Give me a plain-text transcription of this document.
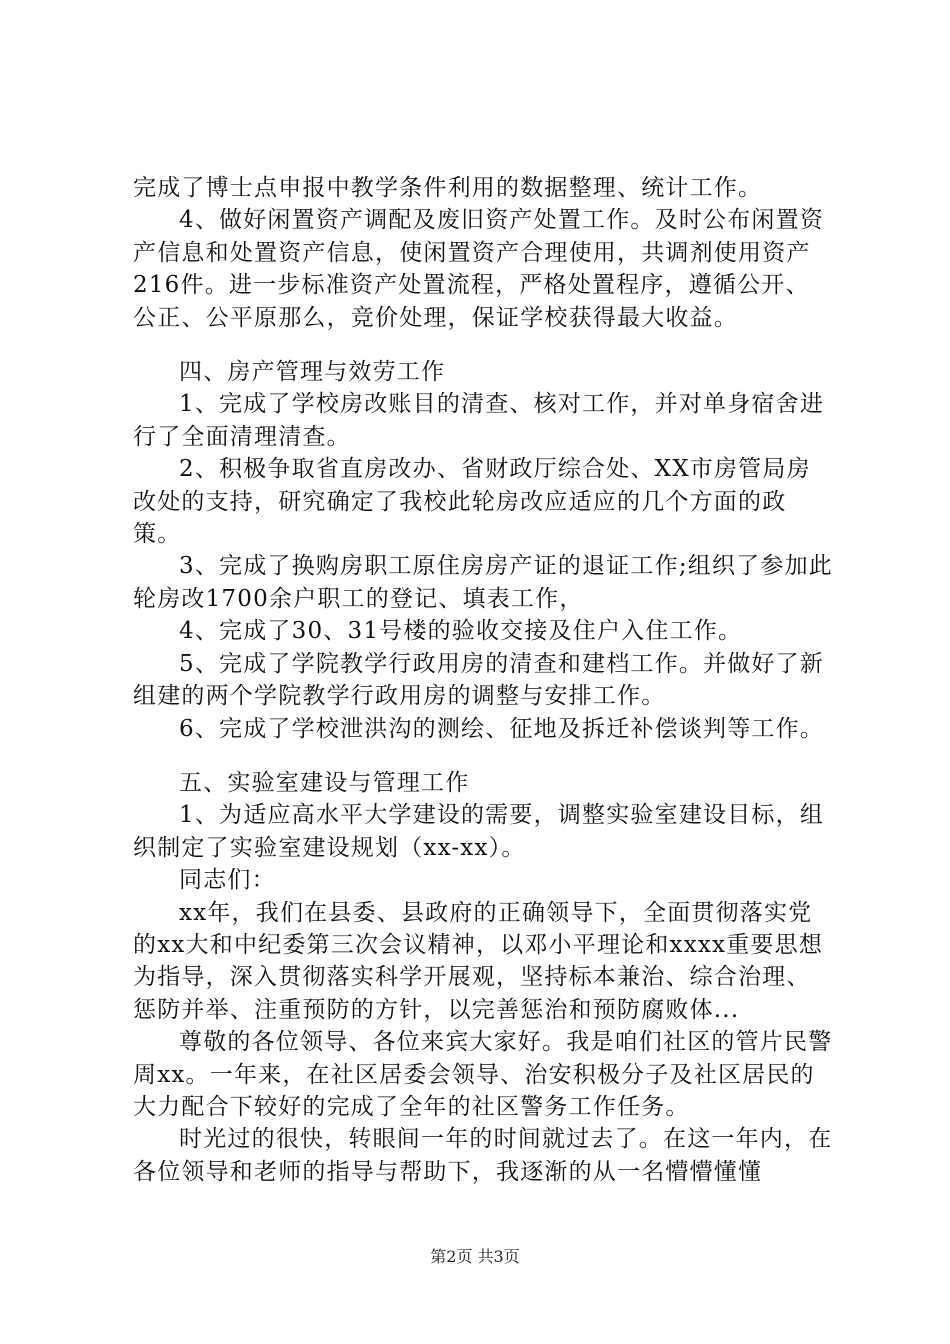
完成了博士点申报中教学条件利用的数据整理、统计工作。

4、做好闲置资产调配及废旧资产处置工作。及时公布闲置资产信息和处置资产信息，使闲置资产合理使用，共调剂使用资产216件。进一步标准资产处置流程，严格处置程序，遵循公开、公正、公平原那么，竞价处理，保证学校获得最大收益。

四、房产管理与效劳工作

1、完成了学校房改账目的清查、核对工作，并对单身宿舍进行了全面清理清查。

2、积极争取省直房改办、省财政厅综合处、XX市房管局房改处的支持，研究确定了我校此轮房改应适应的几个方面的政策。

3、完成了换购房职工原住房房产证的退证工作;组织了参加此轮房改1700余户职工的登记、填表工作，

4、完成了30、31号楼的验收交接及住户入住工作。

5、完成了学院教学行政用房的清查和建档工作。并做好了新组建的两个学院教学行政用房的调整与安排工作。

6、完成了学校泄洪沟的测绘、征地及拆迁补偿谈判等工作。

五、实验室建设与管理工作

1、为适应高水平大学建设的需要，调整实验室建设目标，组织制定了实验室建设规划（xx-xx）。

同志们：

xx年，我们在县委、县政府的正确领导下，全面贯彻落实党的xx大和中纪委第三次会议精神，以邓小平理论和xxxx重要思想为指导，深入贯彻落实科学开展观，坚持标本兼治、综合治理、惩防并举、注重预防的方针，以完善惩治和预防腐败体...

尊敬的各位领导、各位来宾大家好。我是咱们社区的管片民警周xx。一年来，在社区居委会领导、治安积极分子及社区居民的大力配合下较好的完成了全年的社区警务工作任务。

时光过的很快，转眼间一年的时间就过去了。在这一年内，在各位领导和老师的指导与帮助下，我逐渐的从一名懵懵懂懂

第2页 共3页
